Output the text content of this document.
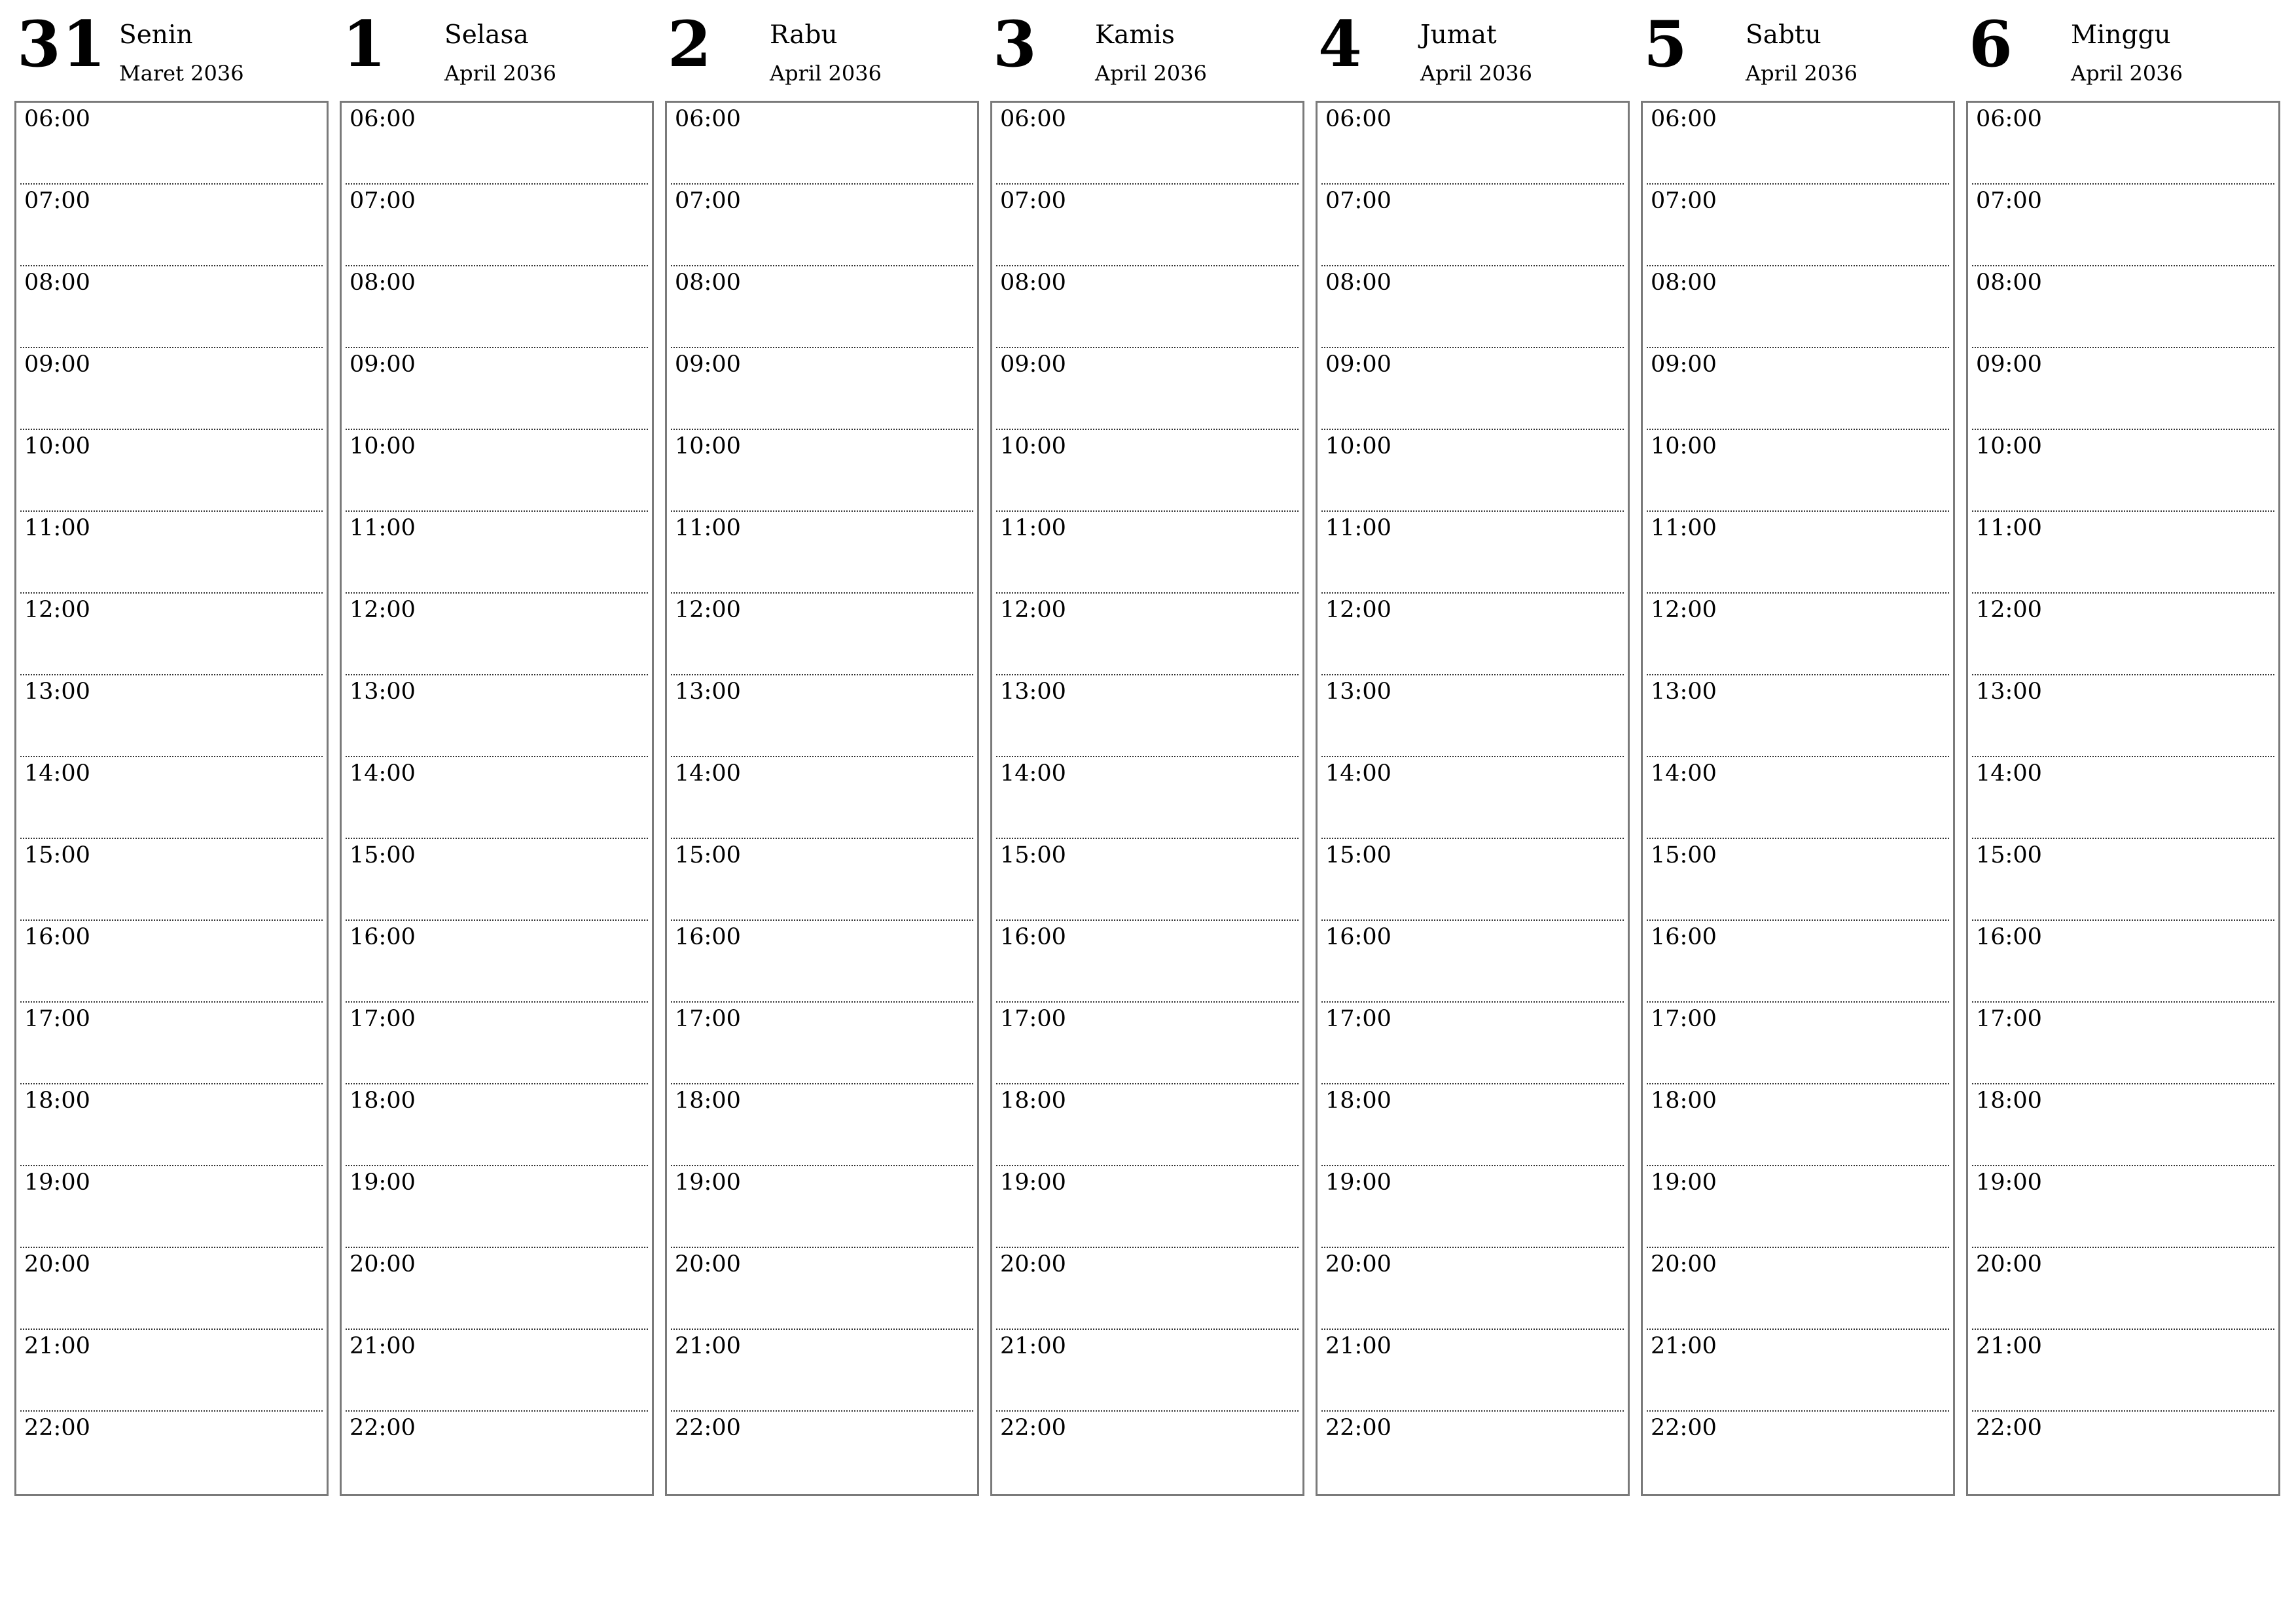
31 Senin
Maret 2036
06:00
07:00
08:00
09:00
10:00
11:00
12:00
13:00
14:00
15:00
16:00
17:00
18:00
19:00
20:00
21:00
22:00
1 Selasa
April 2036
06:00
07:00
08:00
09:00
10:00
11:00
12:00
13:00
14:00
15:00
16:00
17:00
18:00
19:00
20:00
21:00
22:00
2 Rabu
April 2036
06:00
07:00
08:00
09:00
10:00
11:00
12:00
13:00
14:00
15:00
16:00
17:00
18:00
19:00
20:00
21:00
22:00
3 Kamis
April 2036
06:00
07:00
08:00
09:00
10:00
11:00
12:00
13:00
14:00
15:00
16:00
17:00
18:00
19:00
20:00
21:00
22:00
4 Jumat
April 2036
06:00
07:00
08:00
09:00
10:00
11:00
12:00
13:00
14:00
15:00
16:00
17:00
18:00
19:00
20:00
21:00
22:00
5 Sabtu
April 2036
06:00
07:00
08:00
09:00
10:00
11:00
12:00
13:00
14:00
15:00
16:00
17:00
18:00
19:00
20:00
21:00
22:00
6 Minggu
April 2036
06:00
07:00
08:00
09:00
10:00
11:00
12:00
13:00
14:00
15:00
16:00
17:00
18:00
19:00
20:00
21:00
22:00
